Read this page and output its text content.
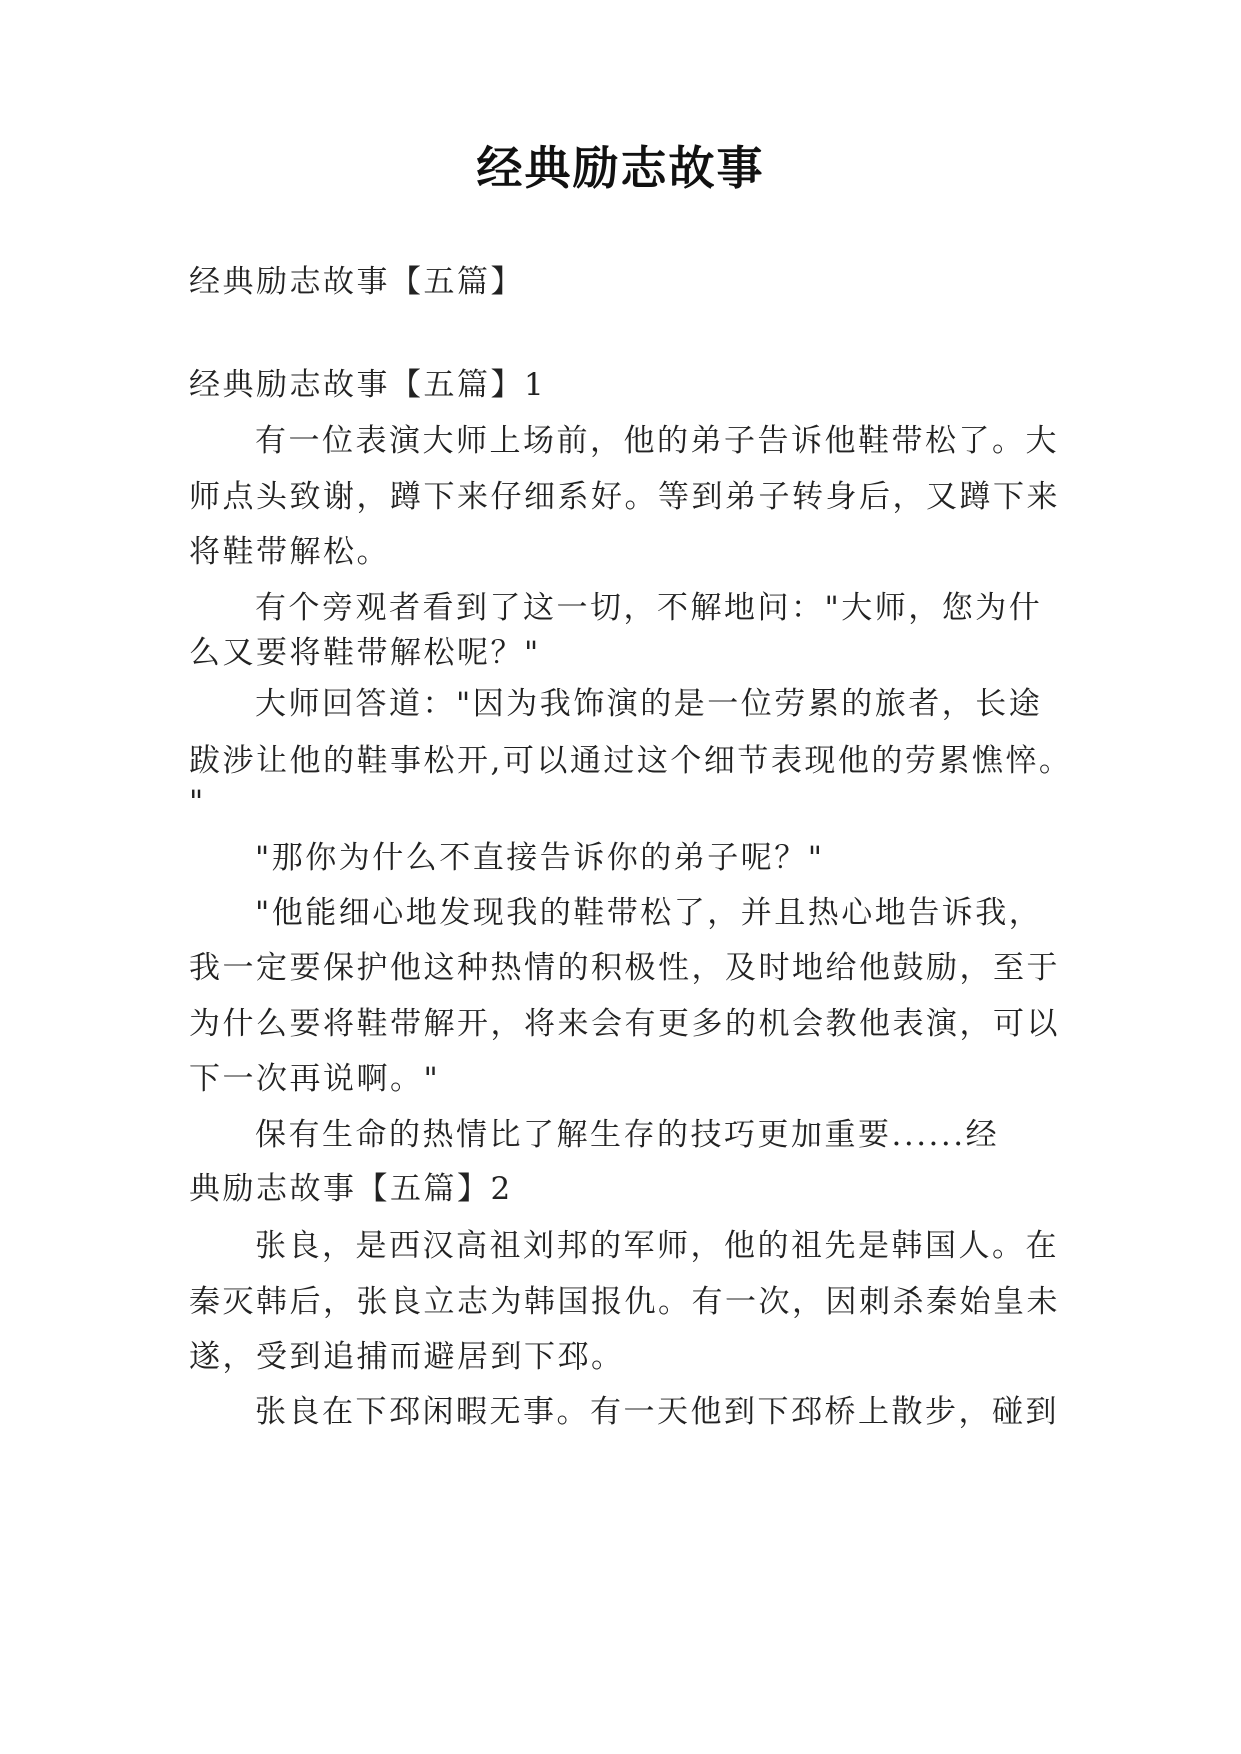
经典励志故事
经典励志故事【五篇】
经典励志故事【五篇】1
有一位表演大师上场前，他的弟子告诉他鞋带松了。大
师点头致谢，蹲下来仔细系好。等到弟子转身后，又蹲下来
将鞋带解松。
有个旁观者看到了这一切，不解地问："大师，您为什
么又要将鞋带解松呢？"
大师回答道："因为我饰演的是一位劳累的旅者，长途
跋涉让他的鞋事松开,可以通过这个细节表现他的劳累憔悴。
"
"那你为什么不直接告诉你的弟子呢？"
"他能细心地发现我的鞋带松了，并且热心地告诉我，
我一定要保护他这种热情的积极性，及时地给他鼓励，至于
为什么要将鞋带解开，将来会有更多的机会教他表演，可以
下一次再说啊。"
保有生命的热情比了解生存的技巧更加重要......经
典励志故事【五篇】2
张良，是西汉高祖刘邦的军师，他的祖先是韩国人。在
秦灭韩后，张良立志为韩国报仇。有一次，因刺杀秦始皇未
遂，受到追捕而避居到下邳。
张良在下邳闲暇无事。有一天他到下邳桥上散步，碰到
